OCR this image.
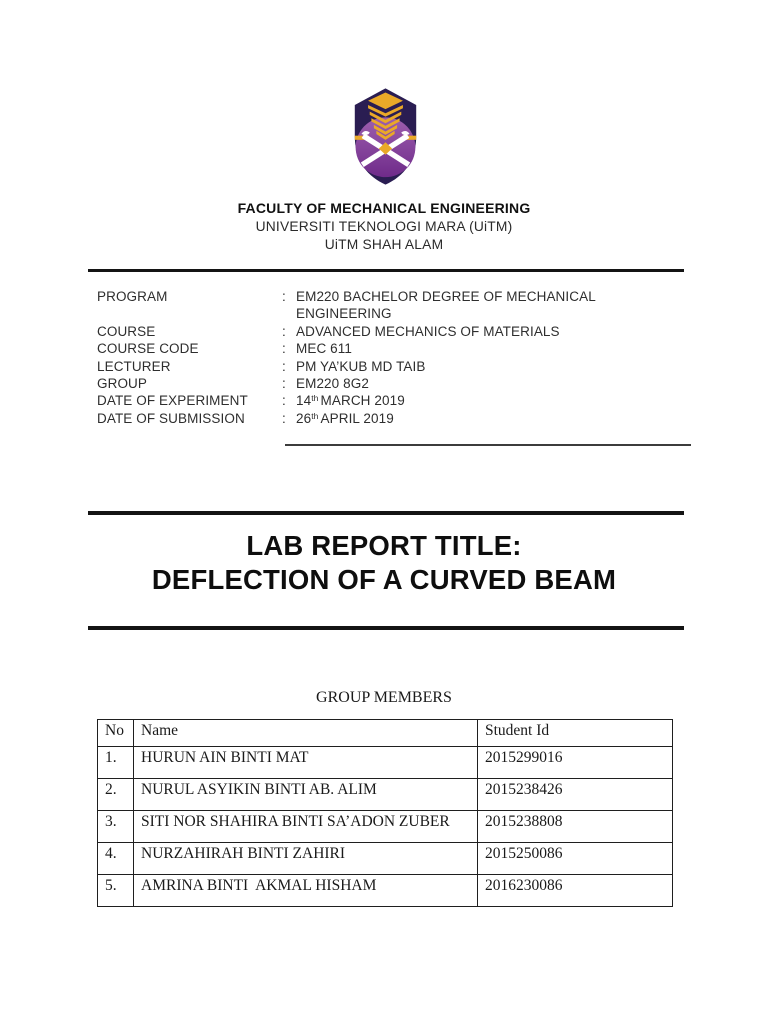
FACULTY OF MECHANICAL ENGINEERING
UNIVERSITI TEKNOLOGI MARA (UiTM)
UiTM SHAH ALAM
PROGRAM	: EM220 BACHELOR DEGREE OF MECHANICAL
ENGINEERING
COURSE	: ADVANCED MECHANICS OF MATERIALS
COURSE CODE	: MEC 611
LECTURER	: PM YA’KUB MD TAIB
GROUP	: EM220 8G2
DATE OF EXPERIMENT	: 14th MARCH 2019
DATE OF SUBMISSION	: 26th APRIL 2019
LAB REPORT TITLE:
DEFLECTION OF A CURVED BEAM
GROUP MEMBERS
No	Name	Student Id
1.	HURUN AIN BINTI MAT	2015299016
2.	NURUL ASYIKIN BINTI AB. ALIM	2015238426
3.	SITI NOR SHAHIRA BINTI SA’ADON ZUBER	2015238808
4.	NURZAHIRAH BINTI ZAHIRI	2015250086
5.	AMRINA BINTI  AKMAL HISHAM	2016230086
